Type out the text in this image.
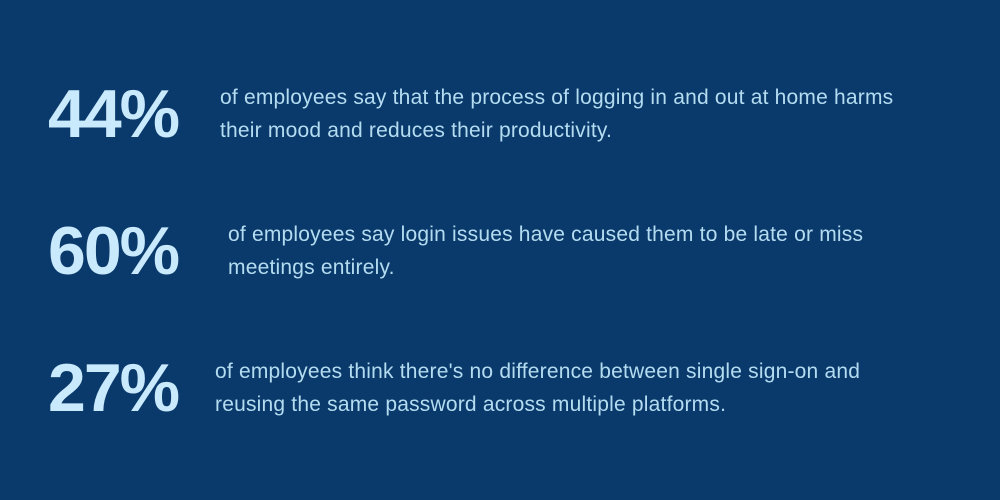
44%	of employees say that the process of logging in and out at home harms
their mood and reduces their productivity.
60%	of employees say login issues have caused them to be late or miss
meetings entirely.
27%	of employees think there's no difference between single sign-on and
reusing the same password across multiple platforms.
